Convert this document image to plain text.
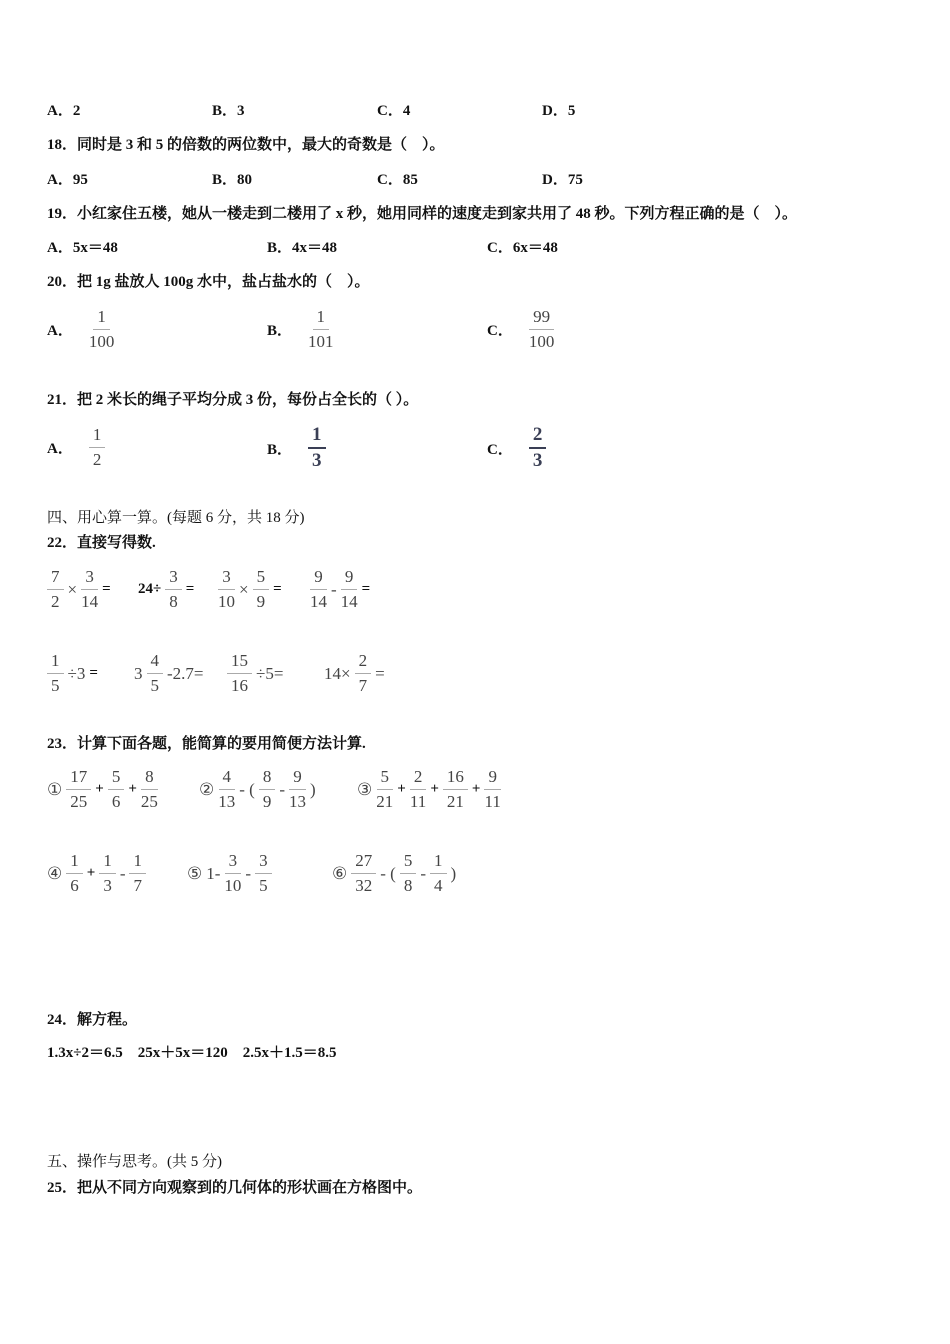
A．2	B．3	C．4	D．5
18．同时是 3 和 5 的倍数的两位数中，最大的奇数是（　）。
A．95	B．80	C．85	D．75
19．小红家住五楼，她从一楼走到二楼用了 x 秒，她用同样的速度走到家共用了 48 秒。下列方程正确的是（　）。
A．5x＝48	B．4x＝48	C．6x＝48
20．把 1g 盐放人 100g 水中，盐占盐水的（　）。
A． $\frac{1}{100}$	B． $\frac{1}{101}$	C． $\frac{99}{100}$
21．把 2 米长的绳子平均分成 3 份，每份占全长的（ ）。
A． $\frac{1}{2}$	B． $\frac{1}{3}$	C． $\frac{2}{3}$
四、用心算一算。(每题 6 分，共 18 分)
22．直接写得数.
$\frac{7}{2} \times \frac{3}{14} = 24\div \frac{3}{8} = \frac{3}{10} \times \frac{5}{9} = \frac{9}{14} - \frac{9}{14}$ =
$\frac{1}{5} \div 3 = 3 \frac{4}{5} -2.7= \frac{15}{16} \div 5= 14\times \frac{2}{7}$ =
23．计算下面各题，能简算的要用简便方法计算.
① $\frac{17}{25} + \frac{5}{6} + \frac{8}{25}$ ② $\frac{4}{13}$ - ( $\frac{8}{9} - \frac{9}{13}$ ) ③ $\frac{5}{21} + \frac{2}{11} + \frac{16}{21} + \frac{9}{11}$
④ $\frac{1}{6} + \frac{1}{3} - \frac{1}{7}$ ⑤ $1- \frac{3}{10} - \frac{3}{5}$	⑥ $\frac{27}{32}$ - ( $\frac{5}{8} - \frac{1}{4}$ )
24．解方程。
1.3x÷2＝6.5　25x＋5x＝120　2.5x＋1.5＝8.5
五、操作与思考。(共 5 分)
25．把从不同方向观察到的几何体的形状画在方格图中。
